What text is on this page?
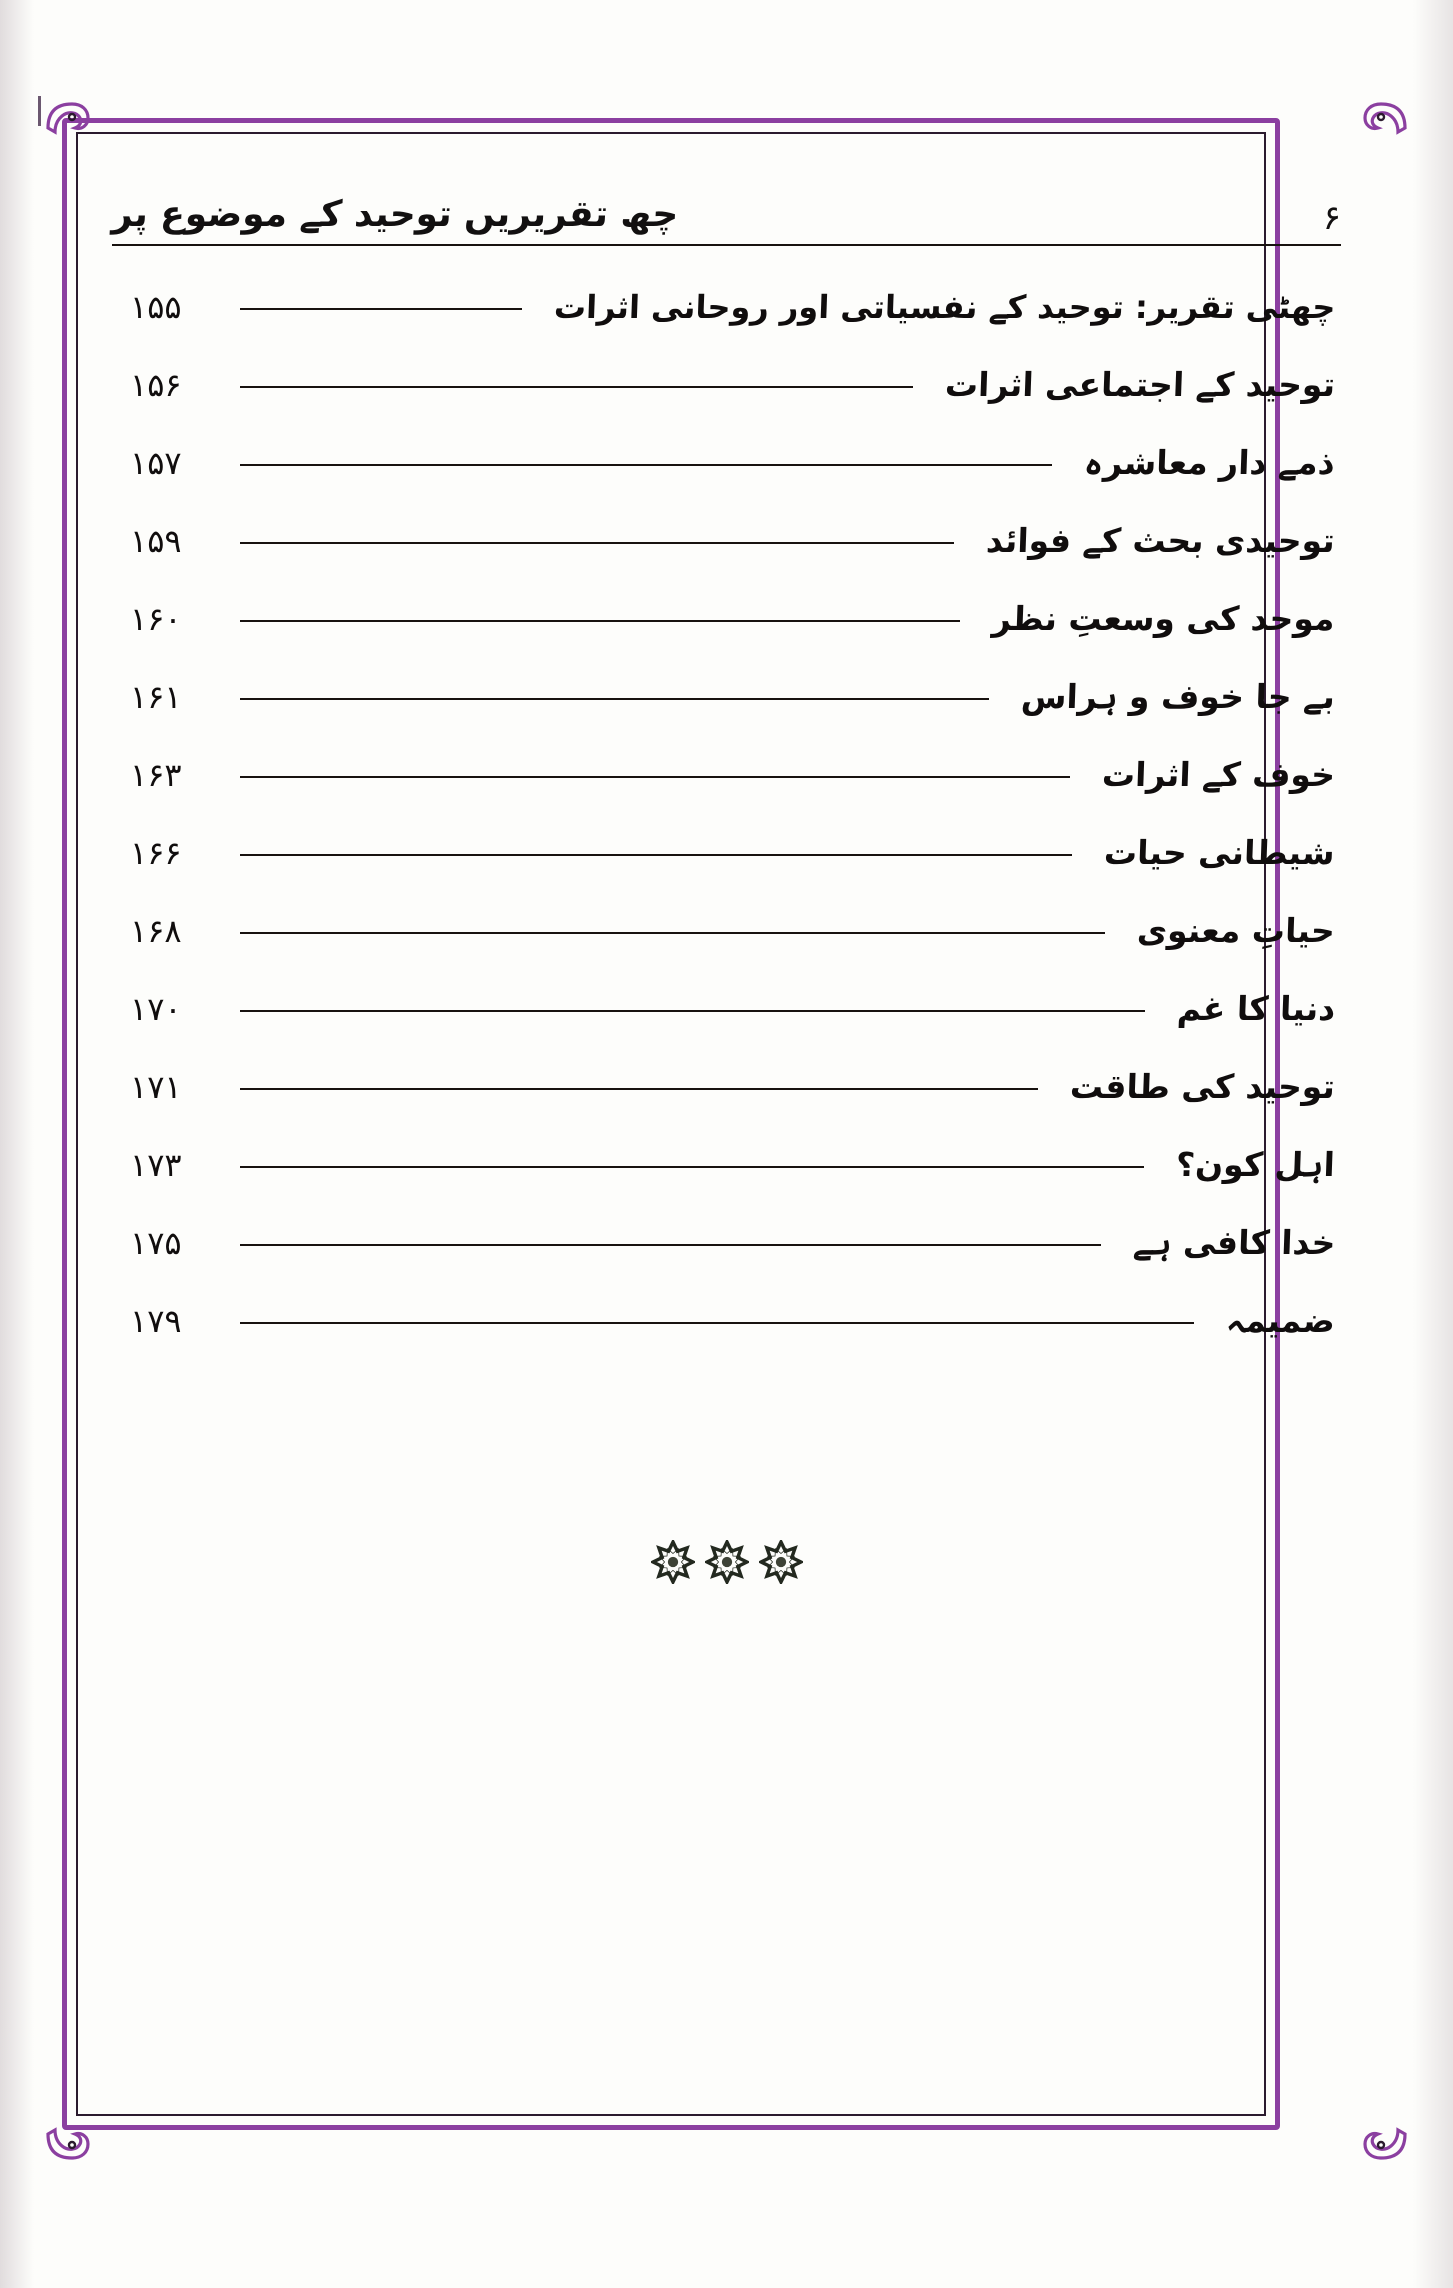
چھ تقریریں توحید کے موضوع پر	۶
چھٹی تقریر: توحید کے نفسیاتی اور روحانی اثرات
۱۵۵
توحید کے اجتماعی اثرات
۱۵۶
ذمے دار معاشرہ
۱۵۷
توحیدی بحث کے فوائد
۱۵۹
موحد کی وسعتِ نظر
۱۶۰
بے جا خوف و ہراس
۱۶۱
خوف کے اثرات
۱۶۳
شیطانی حیات
۱۶۶
حیاتِ معنوی
۱۶۸
دنیا کا غم
۱۷۰
توحید کی طاقت
۱۷۱
اہل کون؟
۱۷۳
خدا کافی ہے
۱۷۵
ضمیمہ
۱۷۹
